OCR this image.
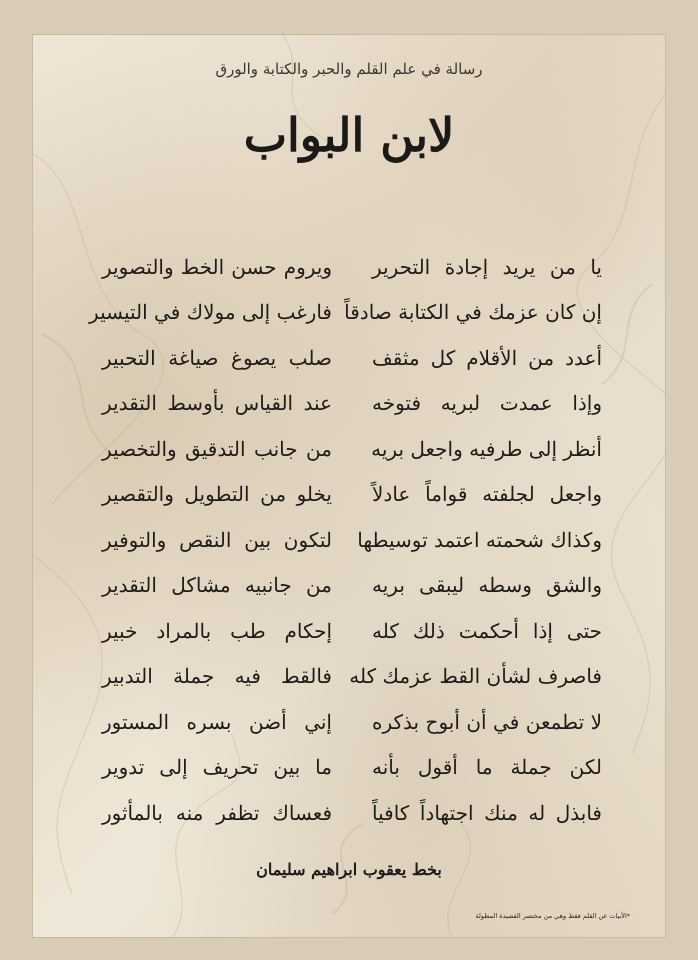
رسالة في علم القلم والحبر والكتابة والورق
لابن البواب
يا من يريد إجادة التحرير
ويروم حسن الخط والتصوير
إن كان عزمك في الكتابة صادقاً
فارغب إلى مولاك في التيسير
أعدد من الأقلام كل مثقف
صلب يصوغ صياغة التحبير
وإذا عمدت لبريه فتوخه
عند القياس بأوسط التقدير
أنظر إلى طرفيه واجعل بريه
من جانب التدقيق والتخصير
واجعل لجلفته قواماً عادلاً
يخلو من التطويل والتقصير
وكذاك شحمته اعتمد توسيطها
لتكون بين النقص والتوفير
والشق وسطه ليبقى بريه
من جانبيه مشاكل التقدير
حتى إذا أحكمت ذلك كله
إحكام طب بالمراد خبير
فاصرف لشأن القط عزمك كله
فالقط فيه جملة التدبير
لا تطمعن في أن أبوح بذكره
إني أضن بسره المستور
لكن جملة ما أقول بأنه
ما بين تحريف إلى تدوير
فابذل له منك اجتهاداً كافياً
فعساك تظفر منه بالمأثور
بخط يعقوب ابراهيم سليمان
*الأبيات عن القلم فقط وهي من مختصر القصيدة المطولة
